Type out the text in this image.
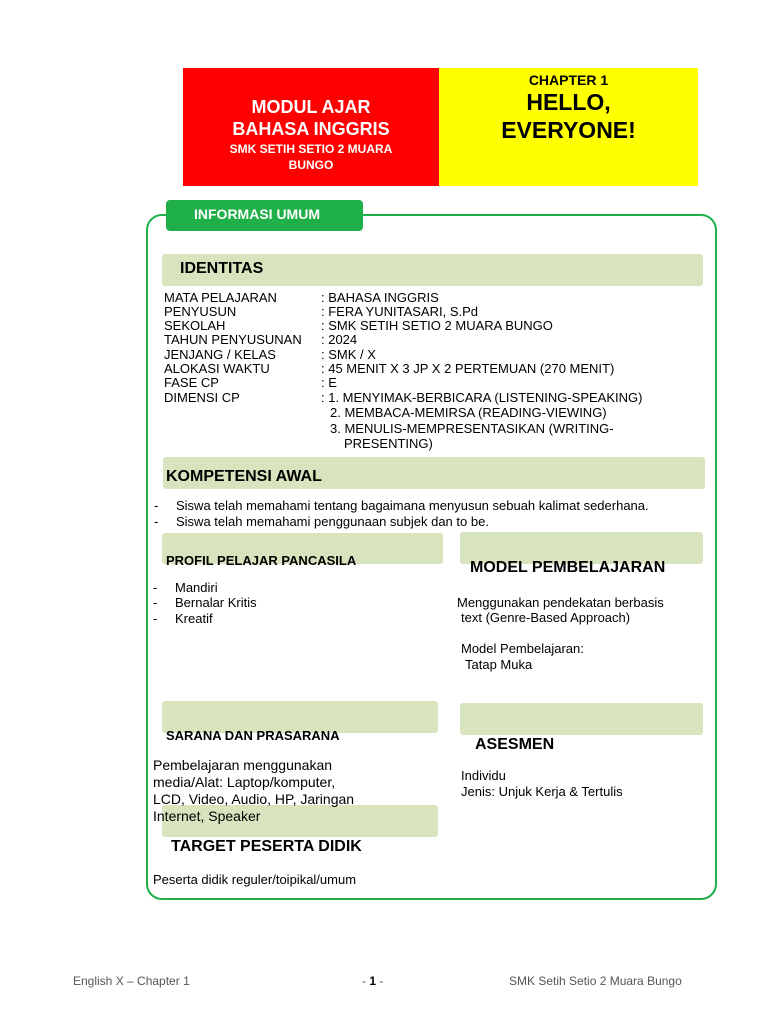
MODUL AJAR
BAHASA INGGRIS
SMK SETIH SETIO 2 MUARA
BUNGO
CHAPTER 1
HELLO,
EVERYONE!
INFORMASI UMUM
IDENTITAS
MATA PELAJARAN	: BAHASA INGGRIS
PENYUSUN	: FERA YUNITASARI, S.Pd
SEKOLAH	: SMK SETIH SETIO 2 MUARA BUNGO
TAHUN PENYUSUNAN : 2024
JENJANG / KELAS	: SMK / X
ALOKASI WAKTU	: 45 MENIT X 3 JP X 2 PERTEMUAN (270 MENIT)
FASE CP	: E
DIMENSI CP	: 1. MENYIMAK-BERBICARA (LISTENING-SPEAKING)
2. MEMBACA-MEMIRSA (READING-VIEWING)
3. MENULIS-MEMPRESENTASIKAN (WRITING-
PRESENTING)
KOMPETENSI AWAL
- Siswa telah memahami tentang bagaimana menyusun sebuah kalimat sederhana.
- Siswa telah memahami penggunaan subjek dan to be.
PROFIL PELAJAR PANCASILA
- Mandiri
- Bernalar Kritis
- Kreatif
MODEL PEMBELAJARAN
Menggunakan pendekatan berbasis
text (Genre-Based Approach)
Model Pembelajaran:
Tatap Muka
SARANA DAN PRASARANA
ASESMEN
Individu
Jenis: Unjuk Kerja & Tertulis
Pembelajaran menggunakan
media/Alat: Laptop/komputer,
LCD, Video, Audio, HP, Jaringan
Internet, Speaker
TARGET PESERTA DIDIK
Peserta didik reguler/toipikal/umum
English X – Chapter 1	- 1 -	SMK Setih Setio 2 Muara Bungo
